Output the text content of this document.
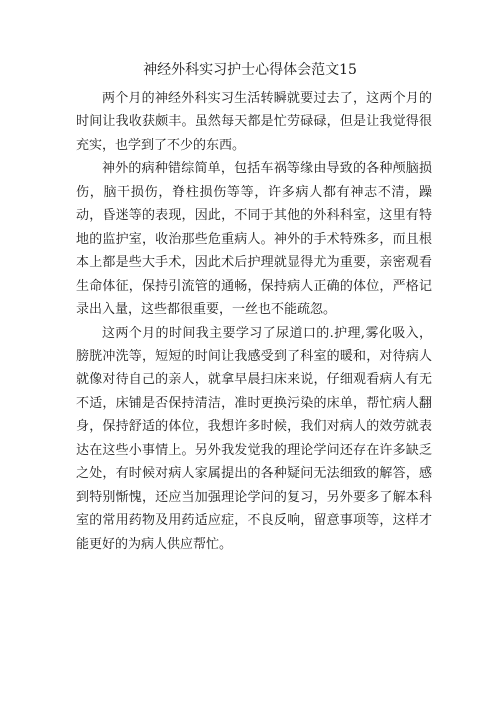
神经外科实习护士心得体会范文15

两个月的神经外科实习生活转瞬就要过去了，这两个月的时间让我收获颇丰。虽然每天都是忙劳碌碌，但是让我觉得很充实，也学到了不少的东西。

神外的病种错综简单，包括车祸等缘由导致的各种颅脑损伤，脑干损伤，脊柱损伤等等，许多病人都有神志不清，躁动，昏迷等的表现，因此，不同于其他的外科科室，这里有特地的监护室，收治那些危重病人。神外的手术特殊多，而且根本上都是些大手术，因此术后护理就显得尤为重要，亲密观看生命体征，保持引流管的通畅，保持病人正确的体位，严格记录出入量，这些都很重要，一丝也不能疏忽。

这两个月的时间我主要学习了尿道口的.护理,雾化吸入，膀胱冲洗等，短短的时间让我感受到了科室的暖和，对待病人就像对待自己的亲人，就拿早晨扫床来说，仔细观看病人有无不适，床铺是否保持清洁，准时更换污染的床单，帮忙病人翻身，保持舒适的体位，我想许多时候，我们对病人的效劳就表达在这些小事情上。另外我发觉我的理论学问还存在许多缺乏之处，有时候对病人家属提出的各种疑问无法细致的解答，感到特别惭愧，还应当加强理论学问的复习，另外要多了解本科室的常用药物及用药适应症，不良反响，留意事项等，这样才能更好的为病人供应帮忙。
